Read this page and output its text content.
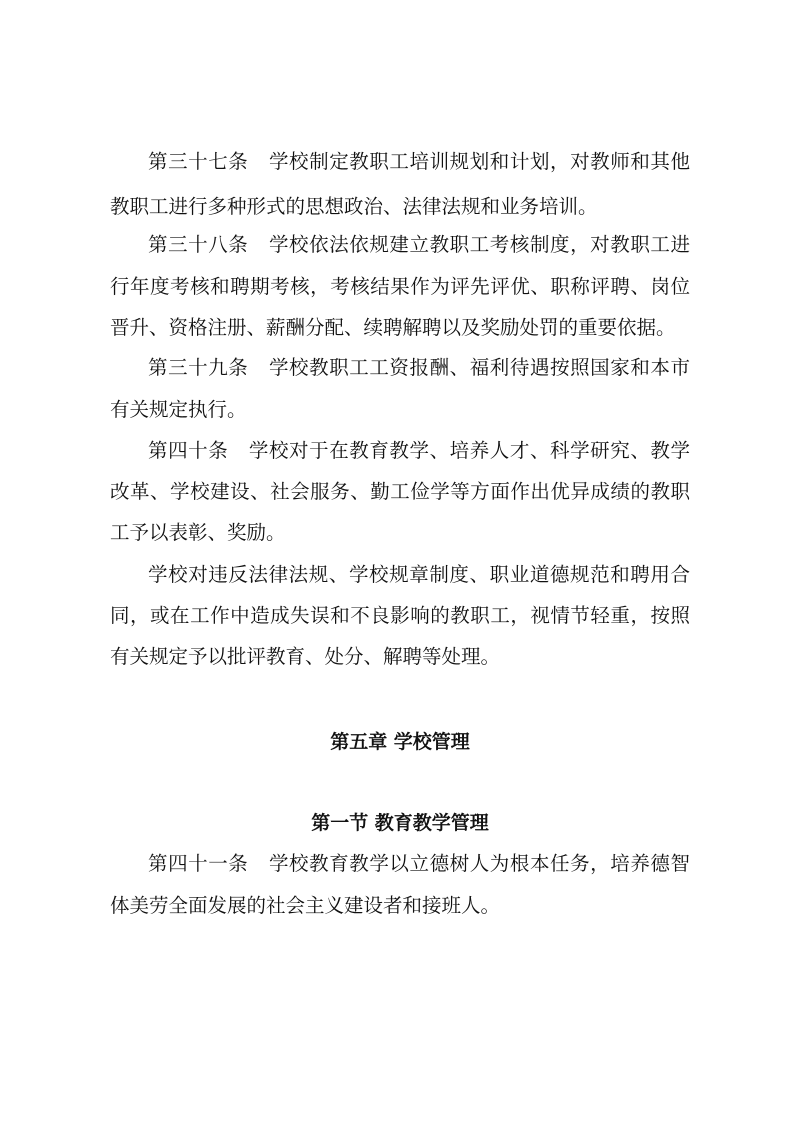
第三十七条 学校制定教职工培训规划和计划，对教师和其他
教职工进行多种形式的思想政治、法律法规和业务培训。
第三十八条 学校依法依规建立教职工考核制度，对教职工进
行年度考核和聘期考核，考核结果作为评先评优、职称评聘、岗位
晋升、资格注册、薪酬分配、续聘解聘以及奖励处罚的重要依据。
第三十九条 学校教职工工资报酬、福利待遇按照国家和本市
有关规定执行。
第四十条 学校对于在教育教学、培养人才、科学研究、教学
改革、学校建设、社会服务、勤工俭学等方面作出优异成绩的教职
工予以表彰、奖励。
学校对违反法律法规、学校规章制度、职业道德规范和聘用合
同，或在工作中造成失误和不良影响的教职工，视情节轻重，按照
有关规定予以批评教育、处分、解聘等处理。
第五章 学校管理
第一节 教育教学管理
第四十一条 学校教育教学以立德树人为根本任务，培养德智
体美劳全面发展的社会主义建设者和接班人。
